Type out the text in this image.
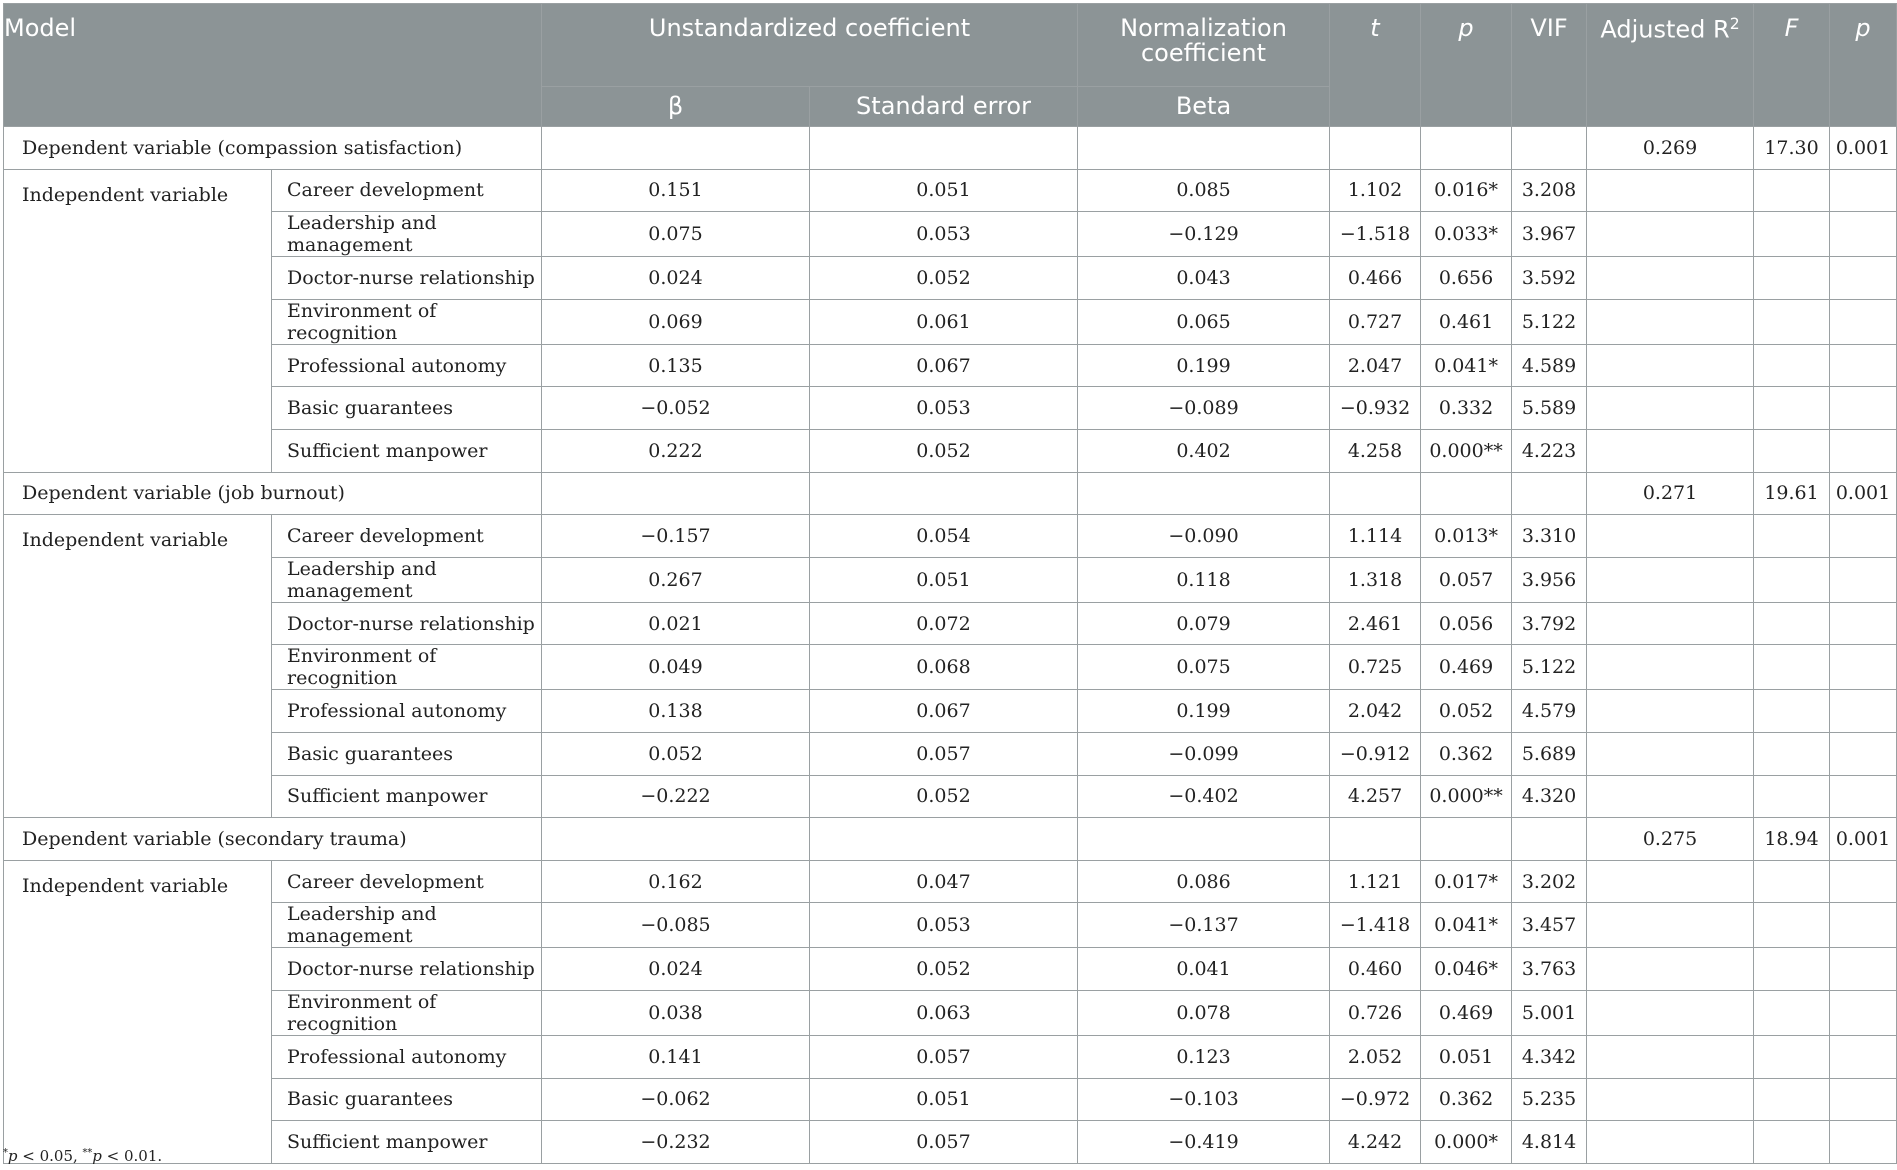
Model		Unstandardized coefficient		Normalization coefficient	t	p	VIF	Adjusted $R^2$	F	p
		β	Standard error	Beta						
Dependent variable (compassion satisfaction)								0.269	17.30	0.001
Independent variable	Career development	0.151	0.051	0.085	1.102	0.016*	3.208			
	Leadership and management	0.075	0.053	−0.129	−1.518	0.033*	3.967			
	Doctor-nurse relationship	0.024	0.052	0.043	0.466	0.656	3.592			
	Environment of recognition	0.069	0.061	0.065	0.727	0.461	5.122			
	Professional autonomy	0.135	0.067	0.199	2.047	0.041*	4.589			
	Basic guarantees	−0.052	0.053	−0.089	−0.932	0.332	5.589			
	Sufficient manpower	0.222	0.052	0.402	4.258	0.000**	4.223			
Dependent variable (job burnout)								0.271	19.61	0.001
Independent variable	Career development	−0.157	0.054	−0.090	1.114	0.013*	3.310			
	Leadership and management	0.267	0.051	0.118	1.318	0.057	3.956			
	Doctor-nurse relationship	0.021	0.072	0.079	2.461	0.056	3.792			
	Environment of recognition	0.049	0.068	0.075	0.725	0.469	5.122			
	Professional autonomy	0.138	0.067	0.199	2.042	0.052	4.579			
	Basic guarantees	0.052	0.057	−0.099	−0.912	0.362	5.689			
	Sufficient manpower	−0.222	0.052	−0.402	4.257	0.000**	4.320			
Dependent variable (secondary trauma)								0.275	18.94	0.001
Independent variable	Career development	0.162	0.047	0.086	1.121	0.017*	3.202			
	Leadership and management	−0.085	0.053	−0.137	−1.418	0.041*	3.457			
	Doctor-nurse relationship	0.024	0.052	0.041	0.460	0.046*	3.763			
	Environment of recognition	0.038	0.063	0.078	0.726	0.469	5.001			
	Professional autonomy	0.141	0.057	0.123	2.052	0.051	4.342			
	Basic guarantees	−0.062	0.051	−0.103	−0.972	0.362	5.235			
	Sufficient manpower	−0.232	0.057	−0.419	4.242	0.000*	4.814			
*p < 0.05, **p < 0.01.
